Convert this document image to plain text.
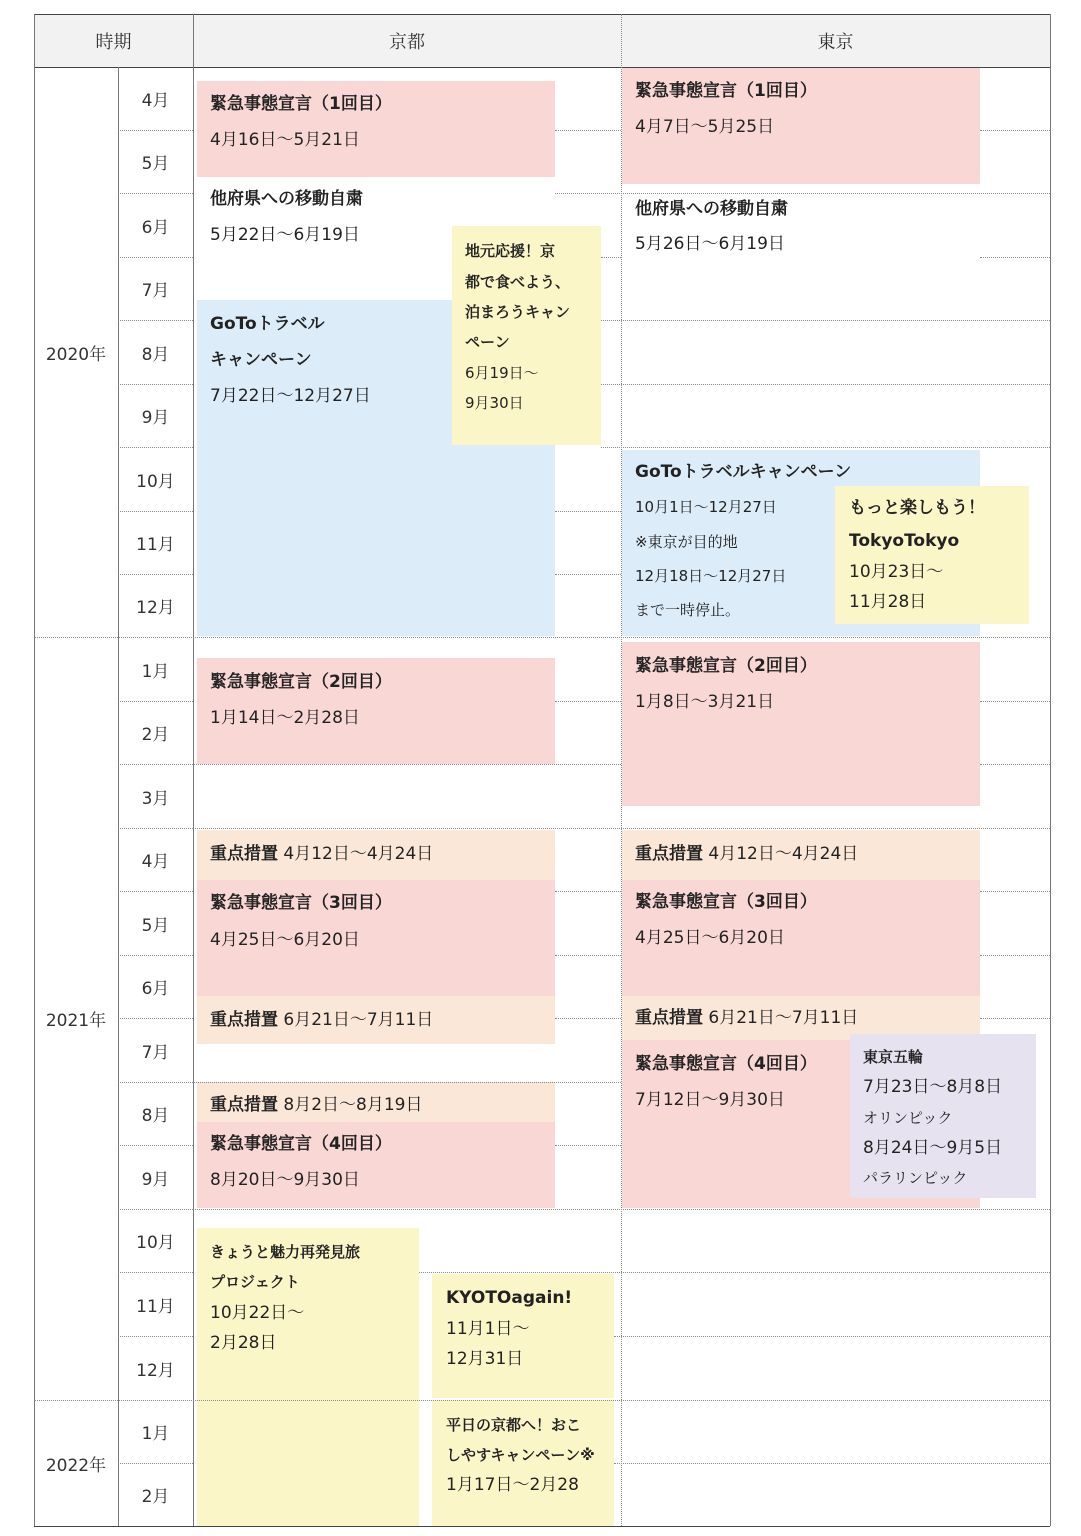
時期	京都	東京
緊急事態宣言（1回目）
4月16日～5月21日
他府県への移動自粛
5月22日～6月19日
GoToトラベル
キャンペーン
7月22日～12月27日
地元応援！京
都で食べよう、
泊まろうキャン
ペーン
6月19日～
9月30日
緊急事態宣言（2回目）
1月14日～2月28日
重点措置 4月12日～4月24日
緊急事態宣言（3回目）
4月25日～6月20日
重点措置 6月21日～7月11日
重点措置 8月2日～8月19日
緊急事態宣言（4回目）
8月20日～9月30日
きょうと魅力再発見旅
プロジェクト
10月22日～
2月28日
KYOTOagain!
11月1日～
12月31日
平日の京都へ！おこ
しやすキャンペーン※
1月17日～2月28
緊急事態宣言（1回目）
4月7日～5月25日
他府県への移動自粛
5月26日～6月19日
GoToトラベルキャンペーン
10月1日～12月27日
※東京が目的地
12月18日～12月27日
まで一時停止。
もっと楽しもう！
TokyoTokyo
10月23日～
11月28日
緊急事態宣言（2回目）
1月8日～3月21日
重点措置 4月12日～4月24日
緊急事態宣言（3回目）
4月25日～6月20日
重点措置 6月21日～7月11日
緊急事態宣言（4回目）
7月12日～9月30日
東京五輪
7月23日～8月8日
オリンピック
8月24日～9月5日
パラリンピック
2020年
2021年
2022年
4月
5月
6月
7月
8月
9月
10月
11月
12月
1月
2月
3月
4月
5月
6月
7月
8月
9月
10月
11月
12月
1月
2月
